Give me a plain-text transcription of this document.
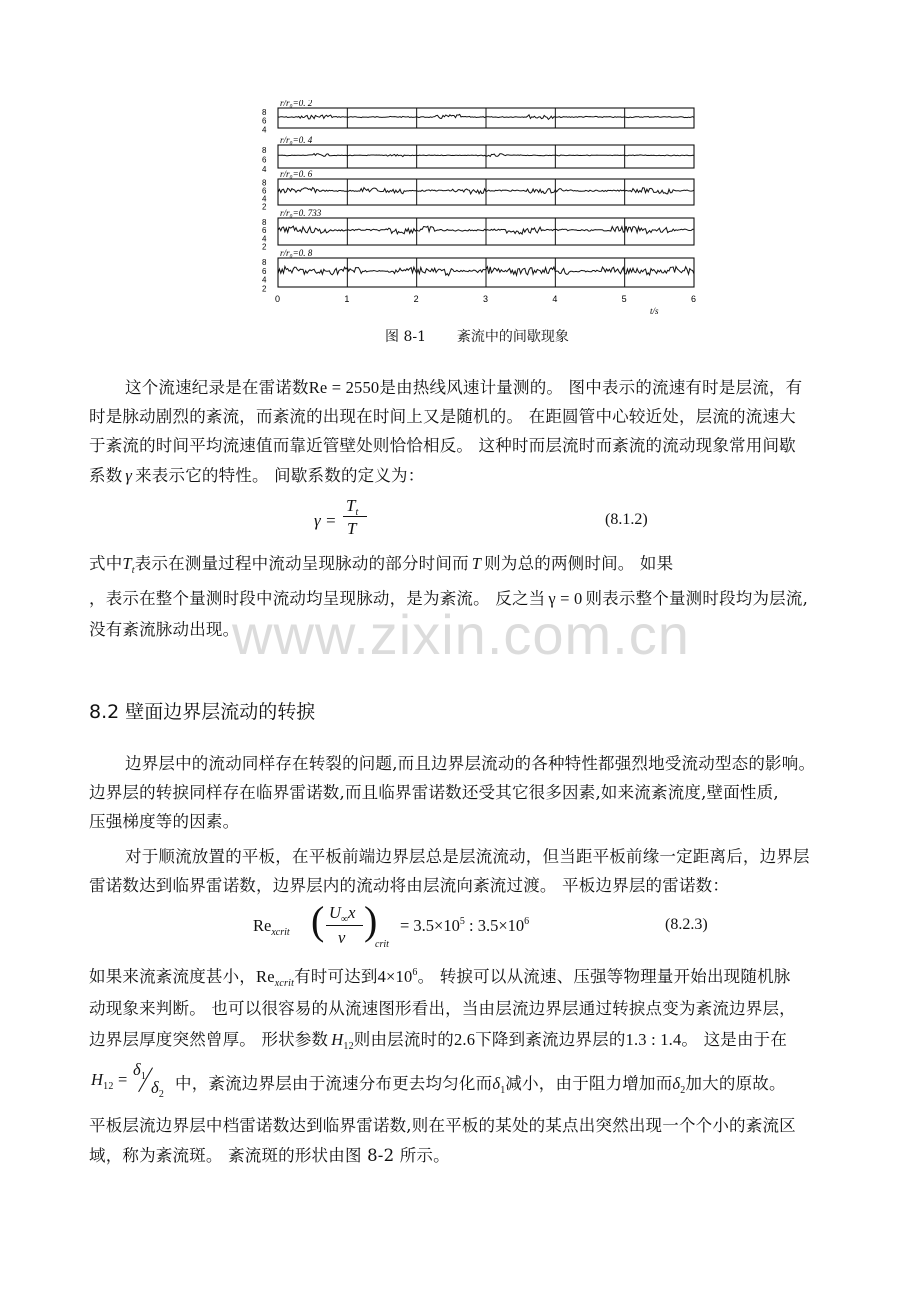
www.zixin.com.cn
r/r₀=0. 2
8
6
4
r/r₀=0. 4
8
6
4 r/r₀=0. 6
8
6
4
2
r/r₀=0. 733
8
6
4
2
r/r₀=0. 8
8
6
4
2
0	1	2	3	4	5	6
t/s
图 8-1 紊流中的间歇现象
这个流速纪录是在雷诺数Re = 2550是由热线风速计量测的。 图中表示的流速有时是层流，有
时是脉动剧烈的紊流，而紊流的出现在时间上又是随机的。 在距圆管中心较近处，层流的流速大
于紊流的时间平均流速值而靠近管壁处则恰恰相反。 这种时而层流时而紊流的流动现象常用间歇
系数 γ 来表示它的特性。 间歇系数的定义为：
γ =
$T_t$
T	(8.1.2)
式中$T_t$表示在测量过程中流动呈现脉动的部分时间而 T 则为总的两侧时间。 如果
，表示在整个量测时段中流动均呈现脉动，是为紊流。 反之当 γ = 0 则表示整个量测时段均为层流,
没有紊流脉动出现。
8.2 壁面边界层流动的转捩
边界层中的流动同样存在转裂的问题,而且边界层流动的各种特性都强烈地受流动型态的影响。
边界层的转捩同样存在临界雷诺数,而且临界雷诺数还受其它很多因素,如来流紊流度,壁面性质,
压强梯度等的因素。
对于顺流放置的平板，在平板前端边界层总是层流流动，但当距平板前缘一定距离后，边界层
雷诺数达到临界雷诺数，边界层内的流动将由层流向紊流过渡。 平板边界层的雷诺数：
$Re_{xcrit}$ ( $U_\infty x$
ν )
crit
= $3.5\times 10^5$ : $3.5\times 10^6$	(8.2.3)
如果来流紊流度甚小，$Re_{xcrit}$有时可达到$4\times 10^6$。 转捩可以从流速、压强等物理量开始出现随机脉
动现象来判断。 也可以很容易的从流速图形看出，当由层流边界层通过转捩点变为紊流边界层，
边界层厚度突然曾厚。 形状参数 $H_{12}$则由层流时的2.6下降到紊流边界层的1.3 : 1.4。 这是由于在
$H_{12}$ =
$\delta_1$
$\delta_2$
中，紊流边界层由于流速分布更去均匀化而$\delta_1$减小，由于阻力增加而$\delta_2$加大的原故。
平板层流边界层中档雷诺数达到临界雷诺数,则在平板的某处的某点出突然出现一个个小的紊流区
域，称为紊流斑。 紊流斑的形状由图 8-2 所示。
